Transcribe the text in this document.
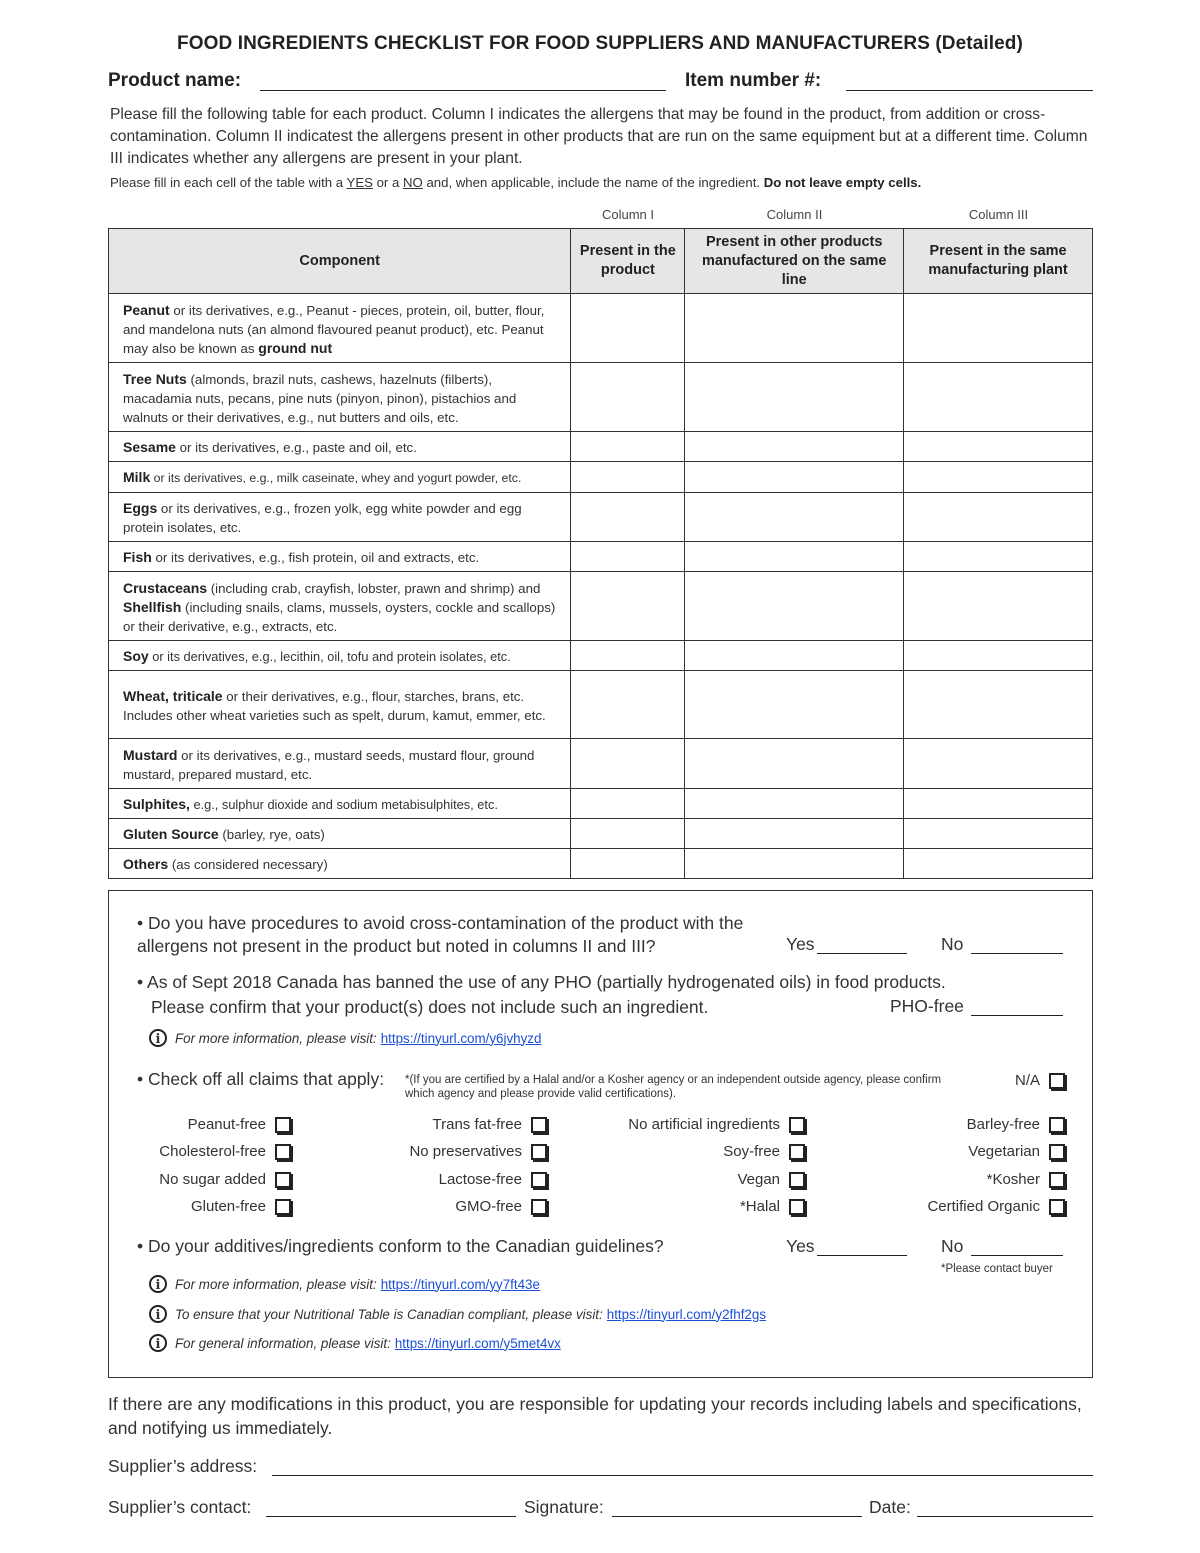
FOOD INGREDIENTS CHECKLIST FOR FOOD SUPPLIERS AND MANUFACTURERS (Detailed)
Product name:	Item number #:
Please fill the following table for each product. Column I indicates the allergens that may be found in the product, from addition or cross-contamination. Column II indicatest the allergens present in other products that are run on the same equipment but at a different time. Column III indicates whether any allergens are present in your plant.
Please fill in each cell of the table with a YES or a NO and, when applicable, include the name of the ingredient. Do not leave empty cells.
Column I	Column II	Column III
Component	Present in the product	Present in other products manufactured on the same line	Present in the same manufacturing plant
Peanut or its derivatives, e.g., Peanut - pieces, protein, oil, butter, flour, and mandelona nuts (an almond flavoured peanut product), etc. Peanut may also be known as ground nut			
Tree Nuts (almonds, brazil nuts, cashews, hazelnuts (filberts), macadamia nuts, pecans, pine nuts (pinyon, pinon), pistachios and walnuts or their derivatives, e.g., nut butters and oils, etc.			
Sesame or its derivatives, e.g., paste and oil, etc.			
Milk or its derivatives, e.g., milk caseinate, whey and yogurt powder, etc.			
Eggs or its derivatives, e.g., frozen yolk, egg white powder and egg protein isolates, etc.			
Fish or its derivatives, e.g., fish protein, oil and extracts, etc.			
Crustaceans (including crab, crayfish, lobster, prawn and shrimp) and Shellfish (including snails, clams, mussels, oysters, cockle and scallops) or their derivative, e.g., extracts, etc.			
Soy or its derivatives, e.g., lecithin, oil, tofu and protein isolates, etc.			
Wheat, triticale or their derivatives, e.g., flour, starches, brans, etc. Includes other wheat varieties such as spelt, durum, kamut, emmer, etc.			
Mustard or its derivatives, e.g., mustard seeds, mustard flour, ground mustard, prepared mustard, etc.			
Sulphites, e.g., sulphur dioxide and sodium metabisulphites, etc.			
Gluten Source (barley, rye, oats)			
Others (as considered necessary)			
• Do you have procedures to avoid cross-contamination of the product with the allergens not present in the product but noted in columns II and III?	Yes	No
• As of Sept 2018 Canada has banned the use of any PHO (partially hydrogenated oils) in food products.
Please confirm that your product(s) does not include such an ingredient.	PHO-free
i	For more information, please visit: https://tinyurl.com/y6jvhyzd
• Check off all claims that apply: *(If you are certified by a Halal and/or a Kosher agency or an independent outside agency, please confirm which agency and please provide valid certifications).
N/A
Peanut-free	Trans fat-free	No artificial ingredients	Barley-free
Cholesterol-free	No preservatives	Soy-free	Vegetarian
No sugar added	Lactose-free	Vegan	*Kosher
Gluten-free	GMO-free	*Halal	Certified Organic
• Do your additives/ingredients conform to the Canadian guidelines?	Yes	No
*Please contact buyer
i	For more information, please visit: https://tinyurl.com/yy7ft43e
i	To ensure that your Nutritional Table is Canadian compliant, please visit: https://tinyurl.com/y2fhf2gs
i	For general information, please visit: https://tinyurl.com/y5met4vx
If there are any modifications in this product, you are responsible for updating your records including labels and specifications, and notifying us immediately.
Supplier’s address:
Supplier’s contact:	Signature:	Date:
